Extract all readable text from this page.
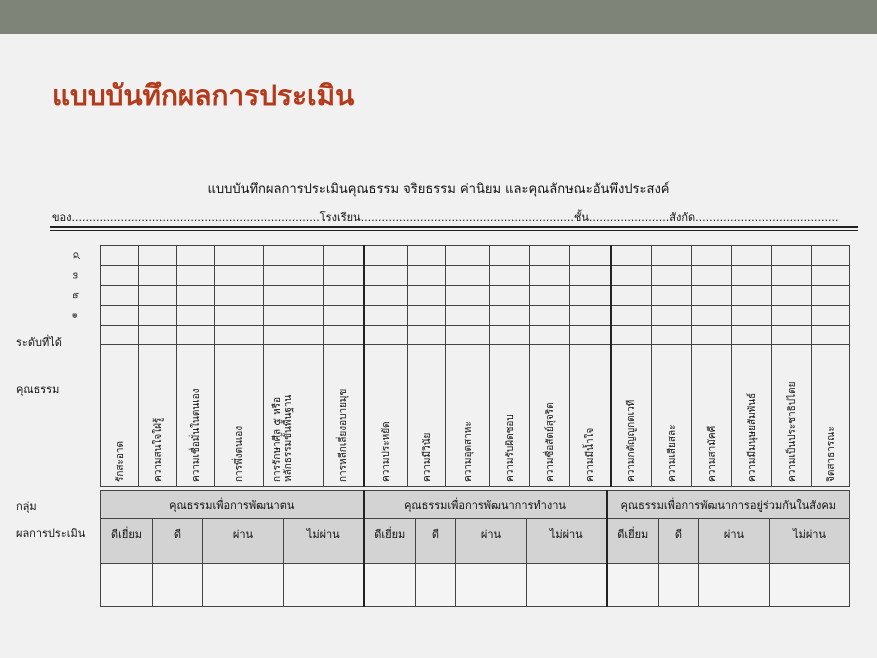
แบบบันทึกผลการประเมิน
แบบบันทึกผลการประเมินคุณธรรม จริยธรรม ค่านิยม และคุณลักษณะอันพึงประสงค์
ของ.......................................................................โรงเรียน.............................................................ชั้น.......................สังกัด.........................................
๔
๓
๒
๑
ระดับที่ได้
คุณธรรม
กลุ่ม
ผลการประเมิน

รักสะอาด	ความสนใจใฝ่รู้	ความเชื่อมั่นในตนเอง	การพึ่งตนเอง	การรักษาศีล ๕ หรือ หลักธรรมขั้นพื้นฐาน	การหลีกเลี่ยงอบายมุข	ความประหยัด	ความมีวินัย	ความอุตสาหะ	ความรับผิดชอบ	ความซื่อสัตย์สุจริต	ความมีน้ำใจ	ความกตัญญูกตเวที	ความเสียสละ	ความสามัคคี	ความมีมนุษยสัมพันธ์	ความเป็นประชาธิปไตย	จิตสาธารณะ
คุณธรรมเพื่อการพัฒนาตน	คุณธรรมเพื่อการพัฒนาการทำงาน	คุณธรรมเพื่อการพัฒนาการอยู่ร่วมกันในสังคม
ดีเยี่ยม	ดี	ผ่าน	ไม่ผ่าน	ดีเยี่ยม	ดี	ผ่าน	ไม่ผ่าน	ดีเยี่ยม	ดี	ผ่าน	ไม่ผ่าน
